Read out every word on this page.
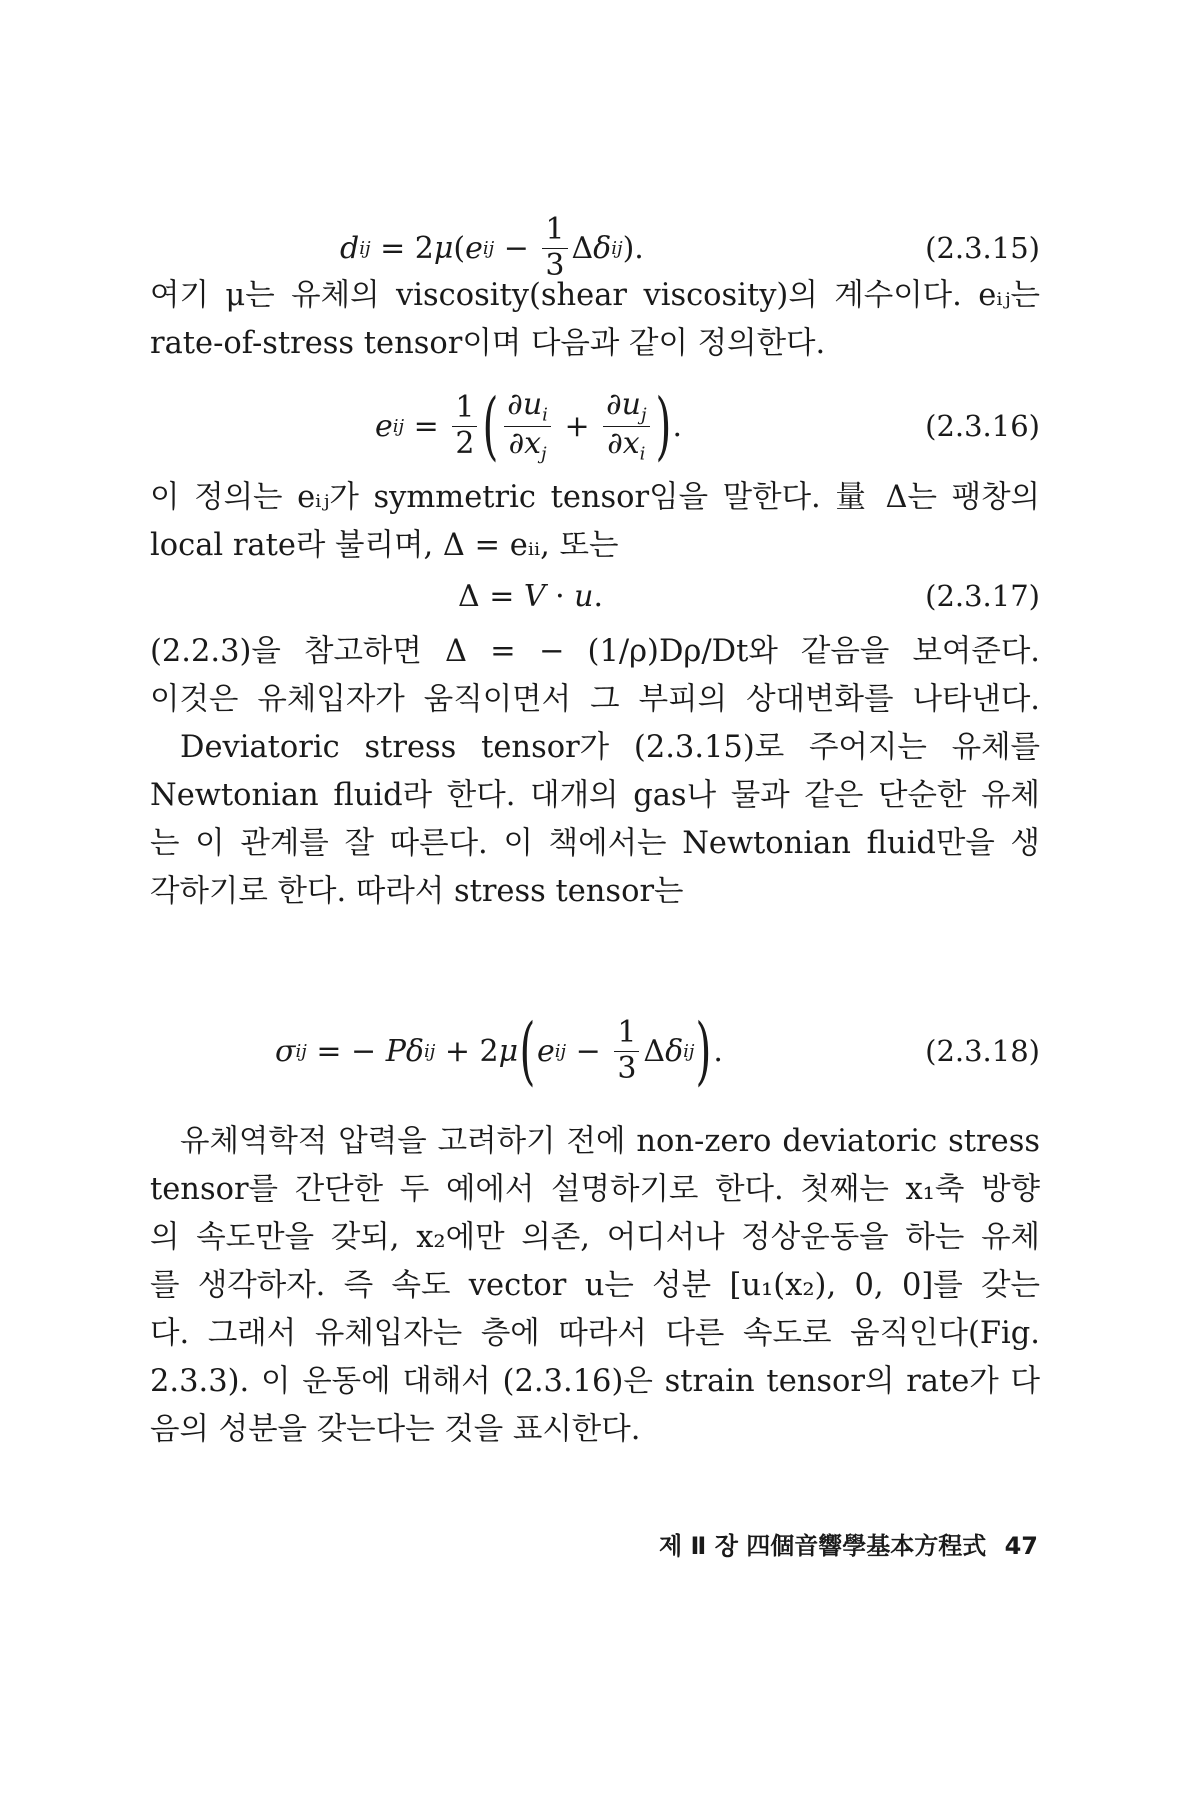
d ij = 2 μ ( e ij − $\frac{1}{3}$ Δ δ ij ).	(2.3.15)
여기 μ는 유체의 viscosity(shear viscosity)의 계수이다. eᵢⱼ는
rate-of-stress tensor이며 다음과 같이 정의한다.
e ij = $\frac{1}{2}$ ( $\frac{\partial u_i}{\partial x_j} + \frac{\partial u_j}{\partial x_i}$ ) .	(2.3.16)
이 정의는 eᵢⱼ가 symmetric tensor임을 말한다. 量 Δ는 팽창의
local rate라 불리며, Δ = eᵢᵢ, 또는
Δ = V · u .	(2.3.17)
(2.2.3)을 참고하면 Δ = − (1/ρ)Dρ/Dt와 같음을 보여준다.
이것은 유체입자가 움직이면서 그 부피의 상대변화를 나타낸다.
Deviatoric stress tensor가 (2.3.15)로 주어지는 유체를
Newtonian fluid라 한다. 대개의 gas나 물과 같은 단순한 유체
는 이 관계를 잘 따른다. 이 책에서는 Newtonian fluid만을 생
각하기로 한다. 따라서 stress tensor는
σ ij = − P δ ij + 2 μ ( e ij − $\frac{1}{3}$ Δ δ ij ) .	(2.3.18)
유체역학적 압력을 고려하기 전에 non-zero deviatoric stress
tensor를 간단한 두 예에서 설명하기로 한다. 첫째는 x₁축 방향
의 속도만을 갖되, x₂에만 의존, 어디서나 정상운동을 하는 유체
를 생각하자. 즉 속도 vector u는 성분 [u₁(x₂), 0, 0]를 갖는
다. 그래서 유체입자는 층에 따라서 다른 속도로 움직인다(Fig.
2.3.3). 이 운동에 대해서 (2.3.16)은 strain tensor의 rate가 다
음의 성분을 갖는다는 것을 표시한다.
제 Ⅱ 장 四個音響學基本方程式 47
